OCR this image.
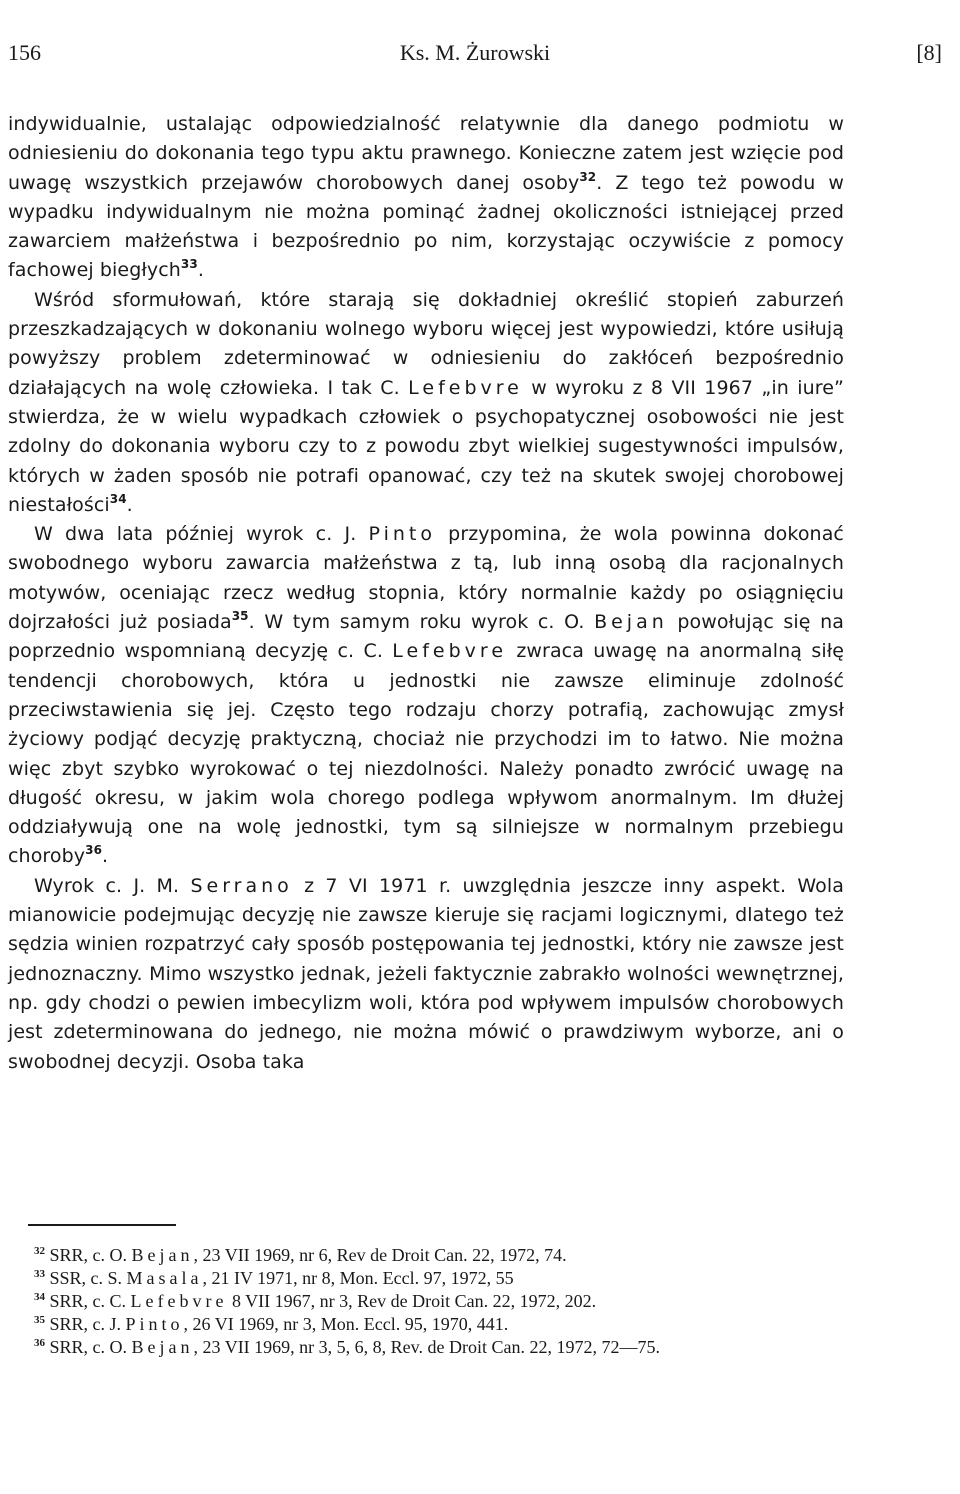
156	Ks. M. Żurowski	[8]

indywidualnie, ustalając odpowiedzialność relatywnie dla danego podmiotu w odniesieniu do dokonania tego typu aktu prawnego. Konieczne zatem jest wzięcie pod uwagę wszystkich przejawów chorobowych danej osoby$^{32}$. Z tego też powodu w wypadku indywidualnym nie można pominąć żadnej okoliczności istniejącej przed zawarciem małżeństwa i bezpośrednio po nim, korzystając oczywiście z pomocy fachowej biegłych$^{33}$.

Wśród sformułowań, które starają się dokładniej określić stopień zaburzeń przeszkadzających w dokonaniu wolnego wyboru więcej jest wypowiedzi, które usiłują powyższy problem zdeterminować w odniesieniu do zakłóceń bezpośrednio działających na wolę człowieka. I tak C. Lefebvre w wyroku z 8 VII 1967 „in iure” stwierdza, że w wielu wypadkach człowiek o psychopatycznej osobowości nie jest zdolny do dokonania wyboru czy to z powodu zbyt wielkiej sugestywności impulsów, których w żaden sposób nie potrafi opanować, czy też na skutek swojej chorobowej niestałości$^{34}$.

W dwa lata później wyrok c. J. Pinto przypomina, że wola powinna dokonać swobodnego wyboru zawarcia małżeństwa z tą, lub inną osobą dla racjonalnych motywów, oceniając rzecz według stopnia, który normalnie każdy po osiągnięciu dojrzałości już posiada$^{35}$. W tym samym roku wyrok c. O. Bejan powołując się na poprzednio wspomnianą decyzję c. C. Lefebvre zwraca uwagę na anormalną siłę tendencji chorobowych, która u jednostki nie zawsze eliminuje zdolność przeciwstawienia się jej. Często tego rodzaju chorzy potrafią, zachowując zmysł życiowy podjąć decyzję praktyczną, chociaż nie przychodzi im to łatwo. Nie można więc zbyt szybko wyrokować o tej niezdolności. Należy ponadto zwrócić uwagę na długość okresu, w jakim wola chorego podlega wpływom anormalnym. Im dłużej oddziaływują one na wolę jednostki, tym są silniejsze w normalnym przebiegu choroby$^{36}$.

Wyrok c. J. M. Serrano z 7 VI 1971 r. uwzględnia jeszcze inny aspekt. Wola mianowicie podejmując decyzję nie zawsze kieruje się racjami logicznymi, dlatego też sędzia winien rozpatrzyć cały sposób postępowania tej jednostki, który nie zawsze jest jednoznaczny. Mimo wszystko jednak, jeżeli faktycznie zabrakło wolności wewnętrznej, np. gdy chodzi o pewien imbecylizm woli, która pod wpływem impulsów chorobowych jest zdeterminowana do jednego, nie można mówić o prawdziwym wyborze, ani o swobodnej decyzji. Osoba taka

$^{32}$ SRR, c. O. Bejan, 23 VII 1969, nr 6, Rev de Droit Can. 22, 1972, 74.

$^{33}$ SSR, c. S. Masala, 21 IV 1971, nr 8, Mon. Eccl. 97, 1972, 55

$^{34}$ SRR, c. C. Lefebvre 8 VII 1967, nr 3, Rev de Droit Can. 22, 1972, 202.

$^{35}$ SRR, c. J. Pinto, 26 VI 1969, nr 3, Mon. Eccl. 95, 1970, 441.

$^{36}$ SRR, c. O. Bejan, 23 VII 1969, nr 3, 5, 6, 8, Rev. de Droit Can. 22, 1972, 72—75.
